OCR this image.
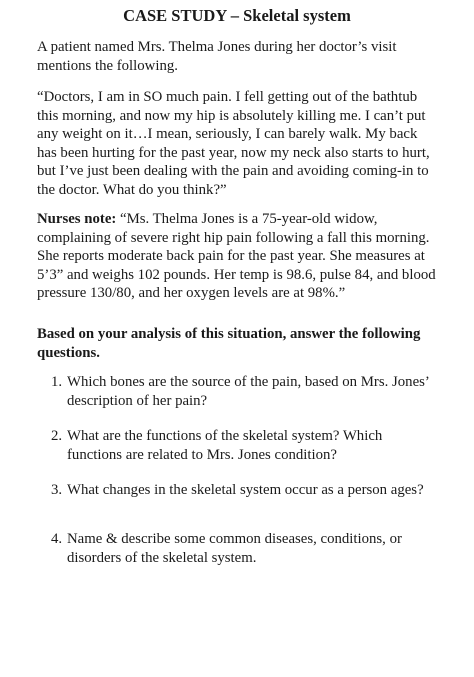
CASE STUDY – Skeletal system
A patient named Mrs. Thelma Jones during her doctor’s visit mentions the following.
“Doctors, I am in SO much pain. I fell getting out of the bathtub this morning, and now my hip is absolutely killing me. I can’t put any weight on it…I mean, seriously, I can barely walk. My back has been hurting for the past year, now my neck also starts to hurt, but I’ve just been dealing with the pain and avoiding coming-in to the doctor. What do you think?”
Nurses note: “Ms. Thelma Jones is a 75-year-old widow, complaining of severe right hip pain following a fall this morning. She reports moderate back pain for the past year. She measures at 5’3” and weighs 102 pounds. Her temp is 98.6, pulse 84, and blood pressure 130/80, and her oxygen levels are at 98%.”
Based on your analysis of this situation, answer the following questions.
1. Which bones are the source of the pain, based on Mrs. Jones’ description of her pain?
2. What are the functions of the skeletal system? Which functions are related to Mrs. Jones condition?
3. What changes in the skeletal system occur as a person ages?
4. Name & describe some common diseases, conditions, or disorders of the skeletal system.
